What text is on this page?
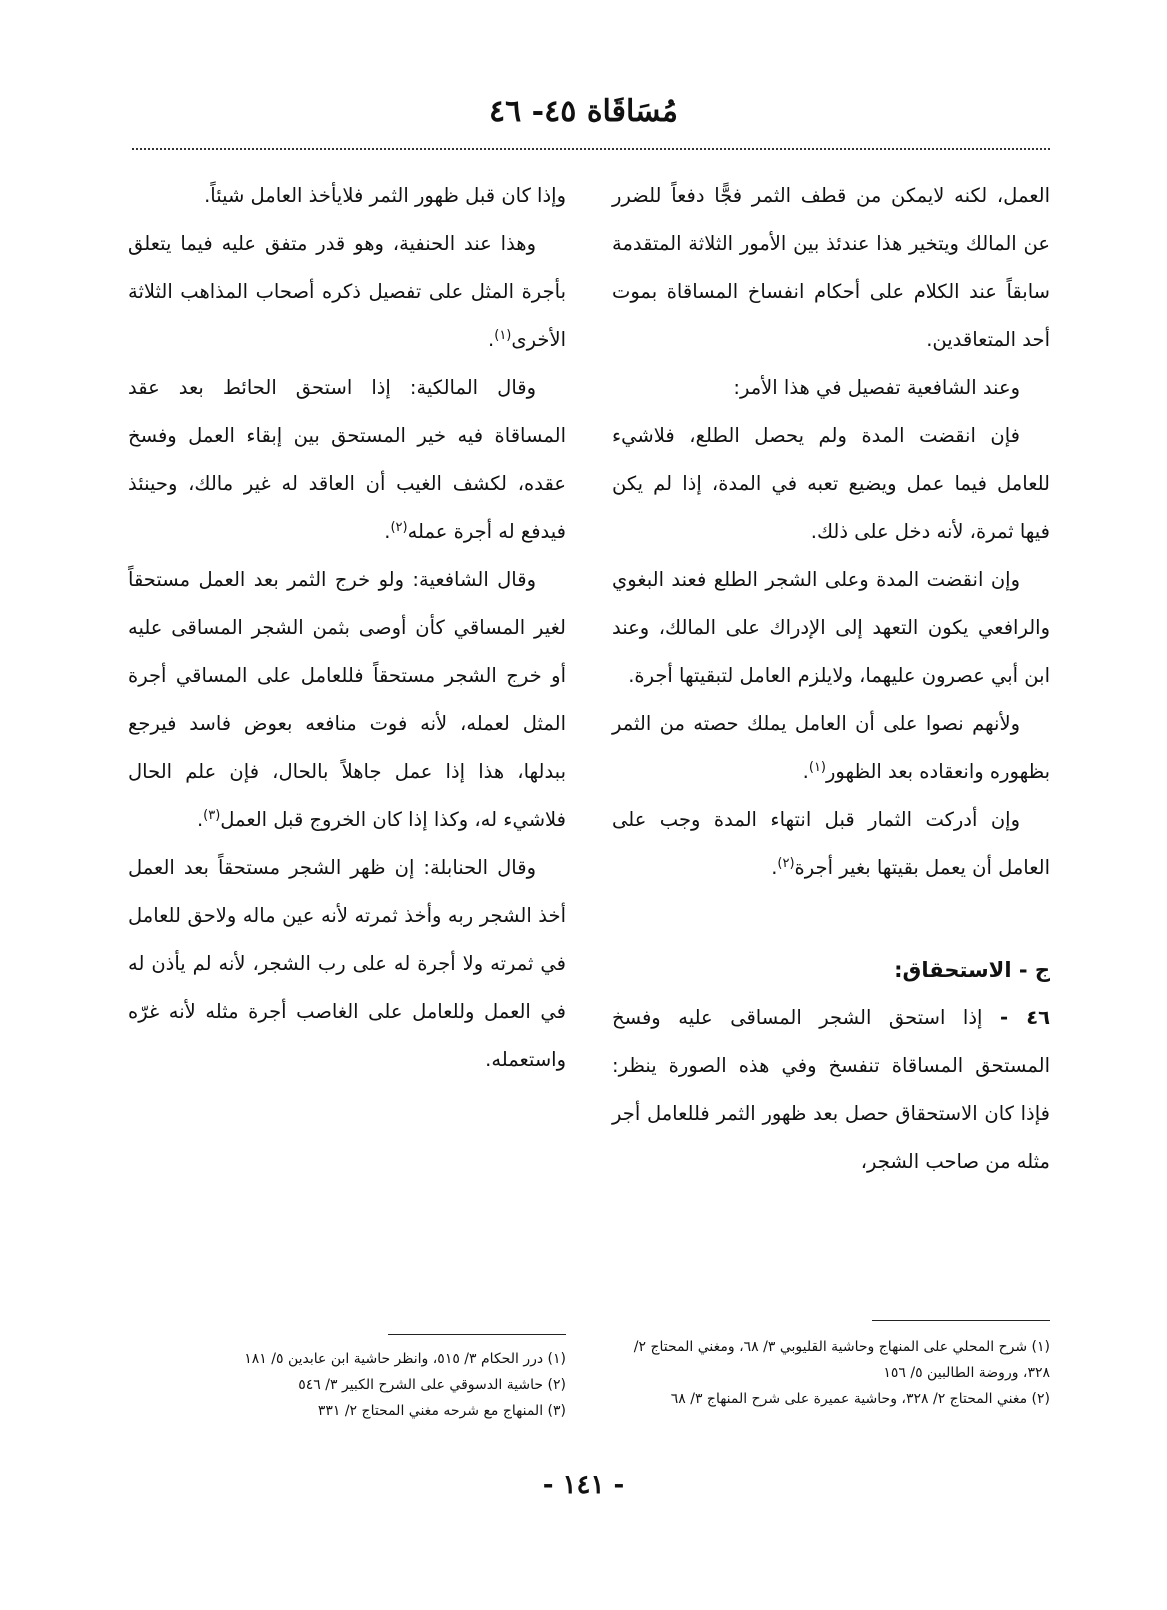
مُسَاقَاة ٤٥- ٤٦

العمل، لكنه لايمكن من قطف الثمر فجًّا دفعاً للضرر عن المالك ويتخير هذا عندئذ بين الأمور الثلاثة المتقدمة سابقاً عند الكلام على أحكام انفساخ المساقاة بموت أحد المتعاقدين.

وعند الشافعية تفصيل في هذا الأمر:

فإن انقضت المدة ولم يحصل الطلع، فلاشيء للعامل فيما عمل ويضيع تعبه في المدة، إذا لم يكن فيها ثمرة، لأنه دخل على ذلك.

وإن انقضت المدة وعلى الشجر الطلع فعند البغوي والرافعي يكون التعهد إلى الإدراك على المالك، وعند ابن أبي عصرون عليهما، ولايلزم العامل لتبقيتها أجرة.

ولأنهم نصوا على أن العامل يملك حصته من الثمر بظهوره وانعقاده بعد الظهور$^{(١)}$.

وإن أدركت الثمار قبل انتهاء المدة وجب على العامل أن يعمل بقيتها بغير أجرة$^{(٢)}$.

ج - الاستحقاق:

٤٦ - إذا استحق الشجر المساقى عليه وفسخ المستحق المساقاة تنفسخ وفي هذه الصورة ينظر: فإذا كان الاستحقاق حصل بعد ظهور الثمر فللعامل أجر مثله من صاحب الشجر،

وإذا كان قبل ظهور الثمر فلايأخذ العامل شيئاً.

وهذا عند الحنفية، وهو قدر متفق عليه فيما يتعلق بأجرة المثل على تفصيل ذكره أصحاب المذاهب الثلاثة الأخرى$^{(١)}$.

وقال المالكية: إذا استحق الحائط بعد عقد المساقاة فيه خير المستحق بين إبقاء العمل وفسخ عقده، لكشف الغيب أن العاقد له غير مالك، وحينئذ فيدفع له أجرة عمله$^{(٢)}$.

وقال الشافعية: ولو خرج الثمر بعد العمل مستحقاً لغير المساقي كأن أوصى بثمن الشجر المساقى عليه أو خرج الشجر مستحقاً فللعامل على المساقي أجرة المثل لعمله، لأنه فوت منافعه بعوض فاسد فيرجع ببدلها، هذا إذا عمل جاهلاً بالحال، فإن علم الحال فلاشيء له، وكذا إذا كان الخروج قبل العمل$^{(٣)}$.

وقال الحنابلة: إن ظهر الشجر مستحقاً بعد العمل أخذ الشجر ربه وأخذ ثمرته لأنه عين ماله ولاحق للعامل في ثمرته ولا أجرة له على رب الشجر، لأنه لم يأذن له في العمل وللعامل على الغاصب أجرة مثله لأنه غرّه واستعمله.

(١) شرح المحلي على المنهاج وحاشية القليوبي ٣/ ٦٨، ومغني المحتاج ٢/ ٣٢٨، وروضة الطالبين ٥/ ١٥٦

(٢) مغني المحتاج ٢/ ٣٢٨، وحاشية عميرة على شرح المنهاج ٣/ ٦٨

(١) درر الحكام ٣/ ٥١٥، وانظر حاشية ابن عابدين ٥/ ١٨١

(٢) حاشية الدسوقي على الشرح الكبير ٣/ ٥٤٦

(٣) المنهاج مع شرحه مغني المحتاج ٢/ ٣٣١

- ١٤١ -
